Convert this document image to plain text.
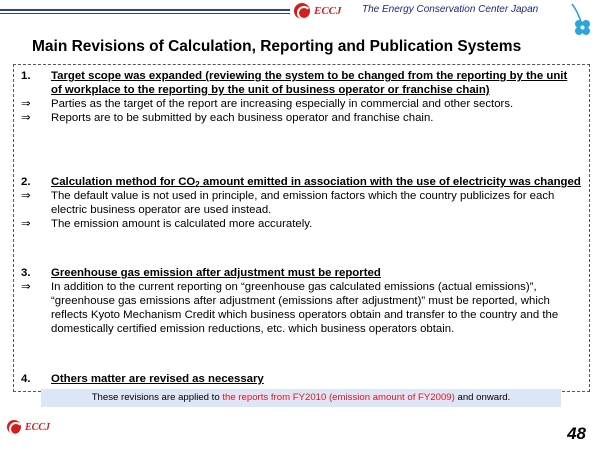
ECCJ The Energy Conservation Center Japan
Main Revisions of Calculation, Reporting and Publication Systems
1.	Target scope was expanded (reviewing the system to be changed from the reporting by the unit of workplace to the reporting by the unit of business operator or franchise chain)
⇒	Parties as the target of the report are increasing especially in commercial and other sectors.
⇒	Reports are to be submitted by each business operator and franchise chain.
2.	Calculation method for $CO_2$ amount emitted in association with the use of electricity was changed
⇒	The default value is not used in principle, and emission factors which the country publicizes for each electric business operator are used instead.
⇒	The emission amount is calculated more accurately.
3.	Greenhouse gas emission after adjustment must be reported
⇒	In addition to the current reporting on “greenhouse gas calculated emissions (actual emissions)”, “greenhouse gas emissions after adjustment (emissions after adjustment)” must be reported, which reflects Kyoto Mechanism Credit which business operators obtain and transfer to the country and the domestically certified emission reductions, etc. which business operators obtain.
4.	Others matter are revised as necessary
These revisions are applied to the reports from FY2010 (emission amount of FY2009) and onward.
ECCJ	48
